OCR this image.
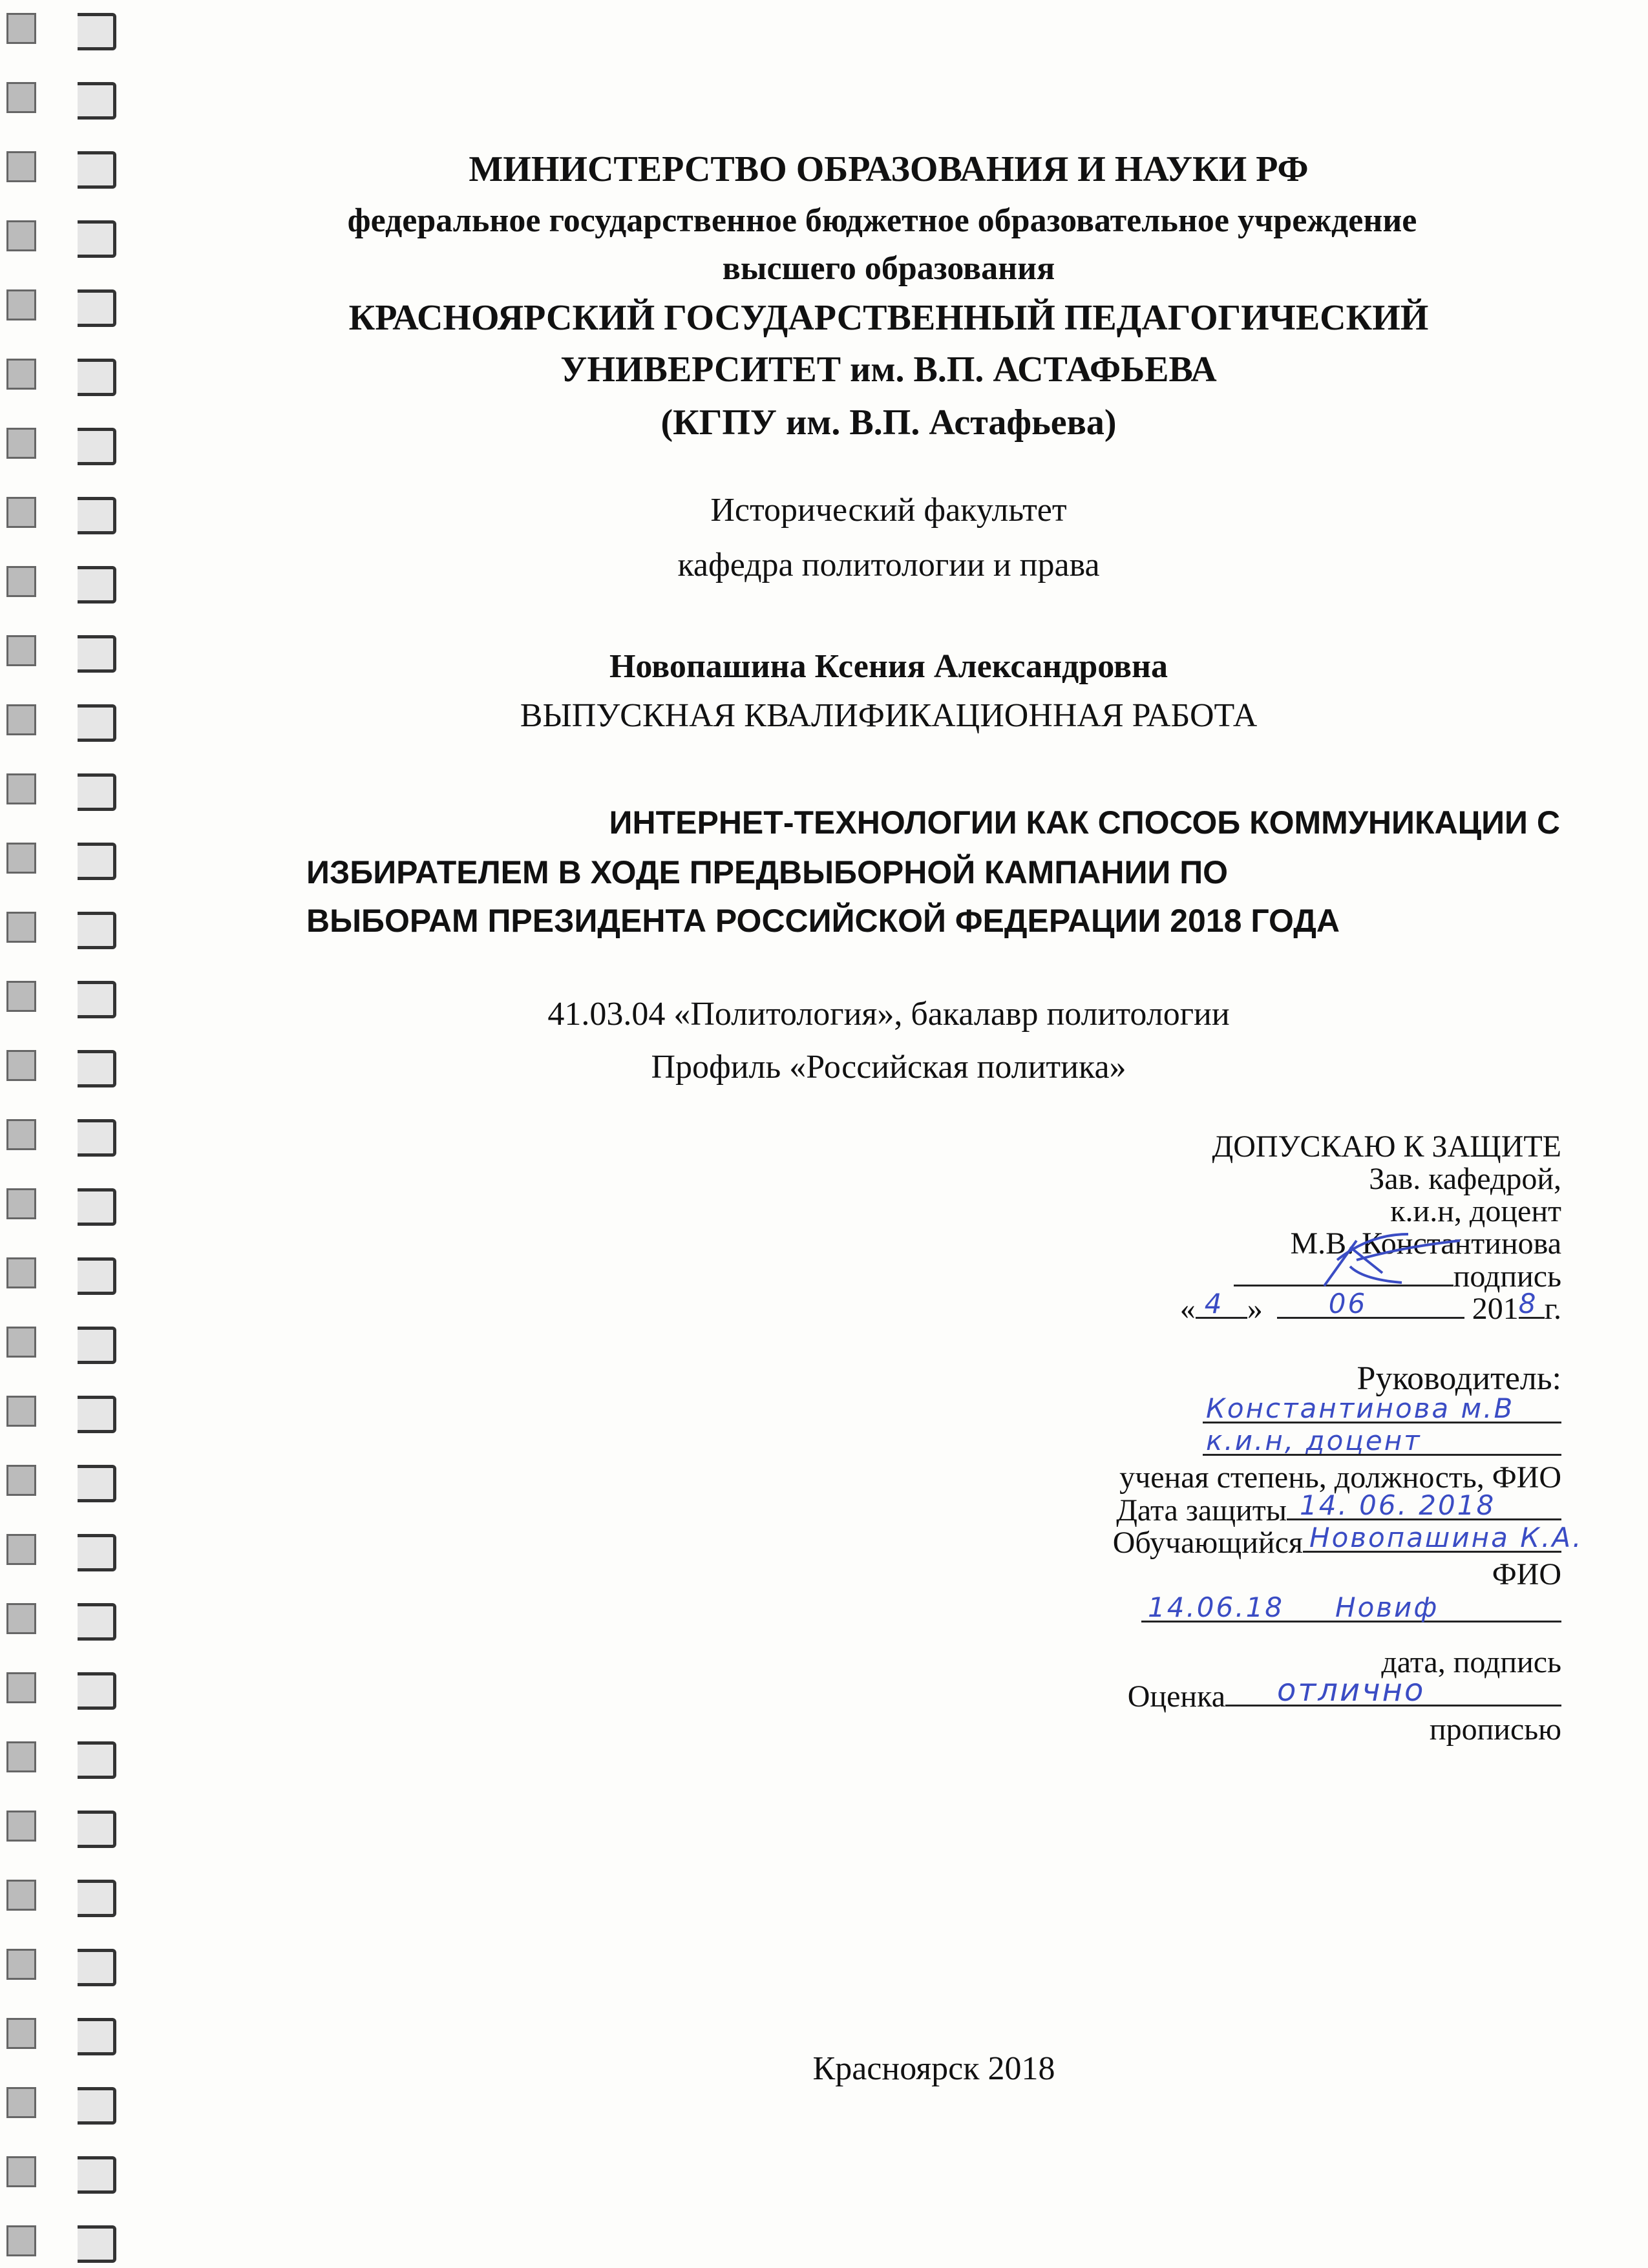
МИНИСТЕРСТВО ОБРАЗОВАНИЯ И НАУКИ РФ
федеральное государственное бюджетное образовательное учреждение
высшего образования
КРАСНОЯРСКИЙ ГОСУДАРСТВЕННЫЙ ПЕДАГОГИЧЕСКИЙ
УНИВЕРСИТЕТ им. В.П. АСТАФЬЕВА
(КГПУ им. В.П. Астафьева)
Исторический факультет
кафедра политологии и права
Новопашина Ксения Александровна
ВЫПУСКНАЯ КВАЛИФИКАЦИОННАЯ РАБОТА
ИНТЕРНЕТ-ТЕХНОЛОГИИ КАК СПОСОБ КОММУНИКАЦИИ С
ИЗБИРАТЕЛЕМ В ХОДЕ ПРЕДВЫБОРНОЙ КАМПАНИИ ПО
ВЫБОРАМ ПРЕЗИДЕНТА РОССИЙСКОЙ ФЕДЕРАЦИИ 2018 ГОДА
41.03.04 «Политология», бакалавр политологии
Профиль «Российская политика»
ДОПУСКАЮ К ЗАЩИТЕ
Зав. кафедрой,
к.и.н, доцент
М.В. Константинова
подпись
« 4 » 06	201 8 г.
Руководитель:
Константинова м.В
к.и.н, доцент
ученая степень, должность, ФИО
Дата защиты 14. 06. 2018
Обучающийся Новопашина К.А.
ФИО
14.06.18 Новиф
дата, подпись
Оценка отлично
прописью
Красноярск 2018
